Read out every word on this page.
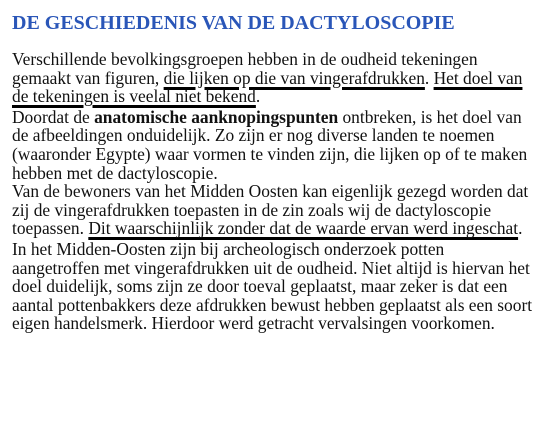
DE GESCHIEDENIS VAN DE DACTYLOSCOPIE

Verschillende bevolkingsgroepen hebben in de oudheid tekeningen gemaakt van figuren, die lijken op die van vingerafdrukken. Het doel van de tekeningen is veelal niet bekend.

Doordat de anatomische aanknopingspunten ontbreken, is het doel van de afbeeldingen onduidelijk. Zo zijn er nog diverse landen te noemen (waaronder Egypte) waar vormen te vinden zijn, die lijken op of te maken hebben met de dactyloscopie.

Van de bewoners van het Midden Oosten kan eigenlijk gezegd worden dat zij de vingerafdrukken toepasten in de zin zoals wij de dactyloscopie toepassen. Dit waarschijnlijk zonder dat de waarde ervan werd ingeschat.

In het Midden-Oosten zijn bij archeologisch onderzoek potten aangetroffen met vingerafdrukken uit de oudheid. Niet altijd is hiervan het doel duidelijk, soms zijn ze door toeval geplaatst, maar zeker is dat een aantal pottenbakkers deze afdrukken bewust hebben geplaatst als een soort eigen handelsmerk. Hierdoor werd getracht vervalsingen voorkomen.
